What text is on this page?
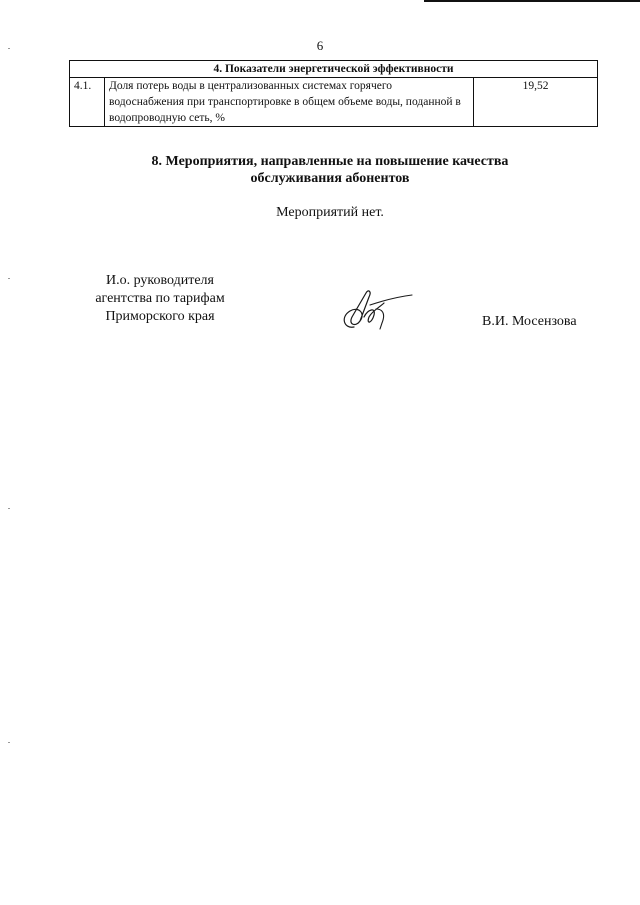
6
4. Показатели энергетической эффективности
4.1.	Доля потерь воды в централизованных системах горячего водоснабжения при транспортировке в общем объеме воды, поданной в водопроводную сеть, %	19,52
8. Мероприятия, направленные на повышение качества
обслуживания абонентов
Мероприятий нет.
И.о. руководителя
агентства по тарифам
Приморского края	В.И. Мосензова
